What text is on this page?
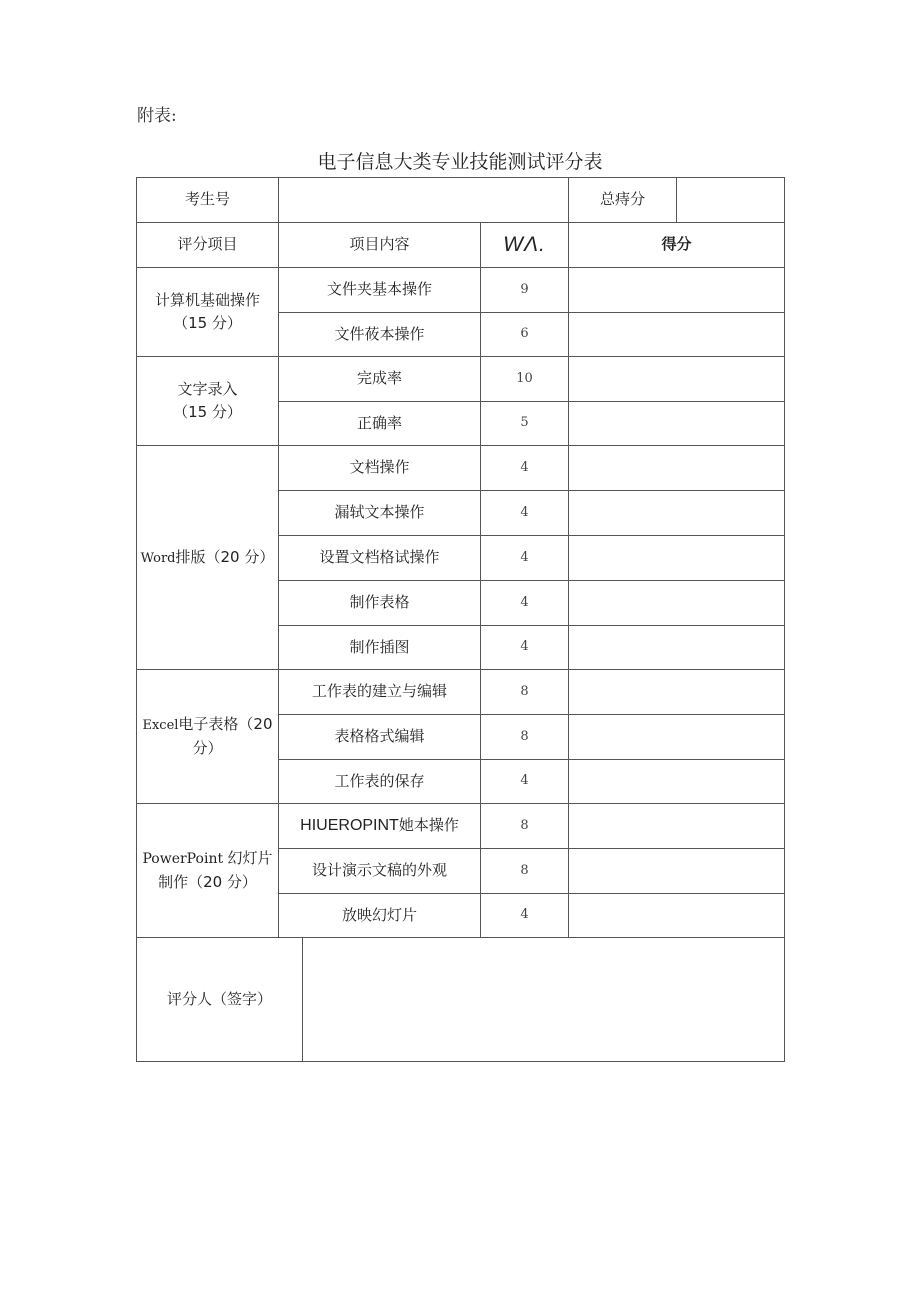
附表:
电子信息大类专业技能测试评分表
考生号				总痔分	
评分项目	项目内容		WΛ.	得分	

计算机基础操作
（15 分）	文件夹基本操作		9		
	文件莜本操作		6		

文字录入
（15 分）	完成率		10		
	正确率		5		
Word排版（20 分）	文档操作		4		
	漏轼文本操作		4		
	设置文档格试操作		4		
	制作表格		4		
	制作插图		4		

Excel电子表格（20
分）	工作表的建立与编辑		8		
	表格格式编辑		8		
	工作表的保存		4		

PowerPoint 幻灯片
制作（20 分）	HIUEROPINT她本操作		8		
	设计演示文稿的外观		8		
	放映幻灯片		4		
评分人（签字）					
